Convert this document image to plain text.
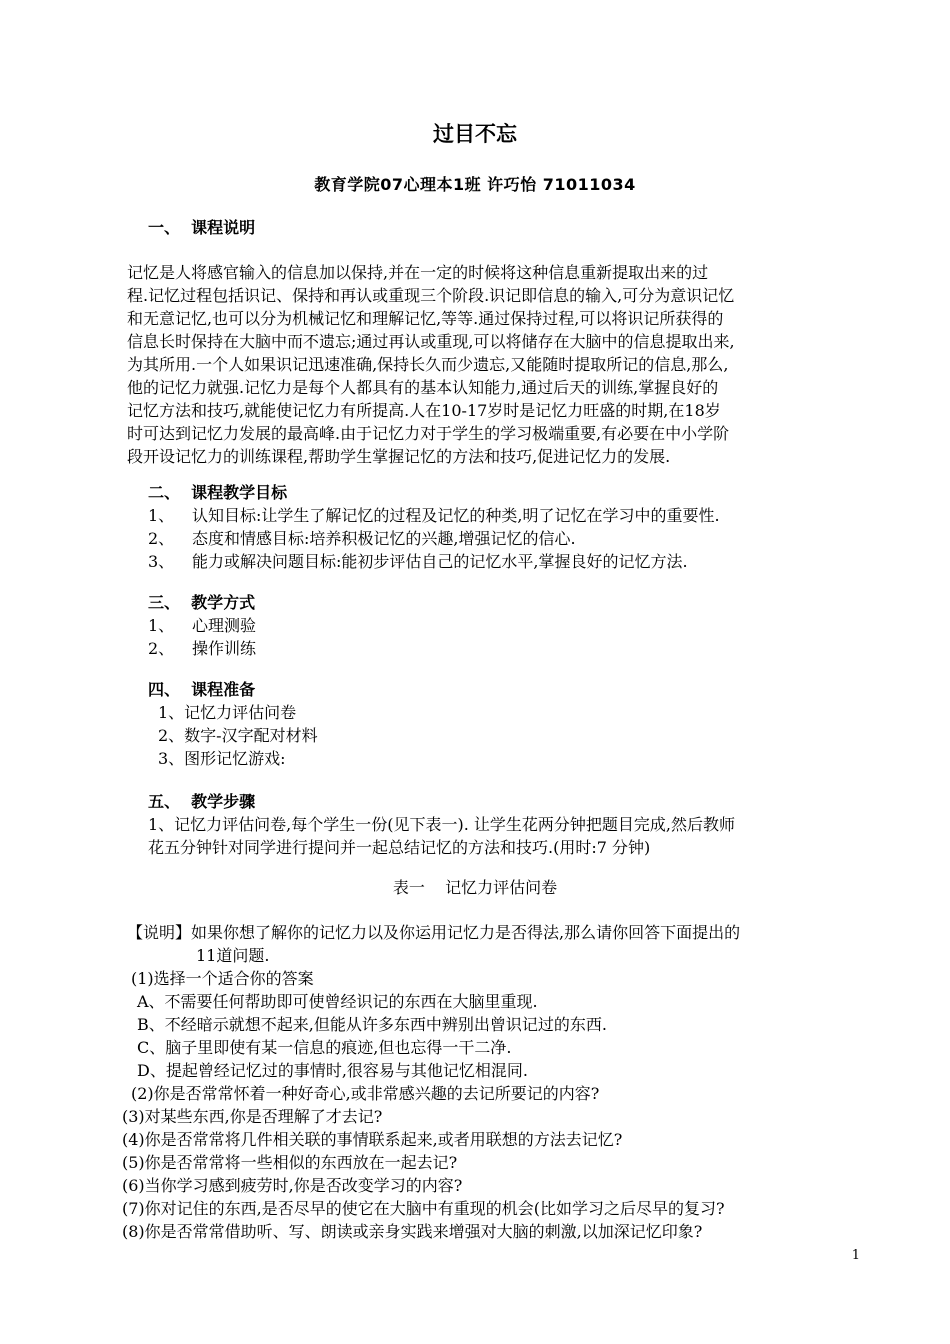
过目不忘
教育学院07心理本1班 许巧怡 71011034
一、  课程说明
记忆是人将感官输入的信息加以保持,并在一定的时候将这种信息重新提取出来的过
程.记忆过程包括识记、保持和再认或重现三个阶段.识记即信息的输入,可分为意识记忆
和无意记忆,也可以分为机械记忆和理解记忆,等等.通过保持过程,可以将识记所获得的
信息长时保持在大脑中而不遗忘;通过再认或重现,可以将储存在大脑中的信息提取出来,
为其所用.一个人如果识记迅速准确,保持长久而少遗忘,又能随时提取所记的信息,那么,
他的记忆力就强.记忆力是每个人都具有的基本认知能力,通过后天的训练,掌握良好的
记忆方法和技巧,就能使记忆力有所提高.人在10-17岁时是记忆力旺盛的时期,在18岁
时可达到记忆力发展的最高峰.由于记忆力对于学生的学习极端重要,有必要在中小学阶
段开设记忆力的训练课程,帮助学生掌握记忆的方法和技巧,促进记忆力的发展.
二、  课程教学目标
1、 认知目标:让学生了解记忆的过程及记忆的种类,明了记忆在学习中的重要性.
2、 态度和情感目标:培养积极记忆的兴趣,增强记忆的信心.
3、 能力或解决问题目标:能初步评估自己的记忆水平,掌握良好的记忆方法.
三、  教学方式
1、 心理测验
2、 操作训练
四、  课程准备
1、记忆力评估问卷
2、数字-汉字配对材料
3、图形记忆游戏:
五、  教学步骤
1、记忆力评估问卷,每个学生一份(见下表一). 让学生花两分钟把题目完成,然后教师
花五分钟针对同学进行提问并一起总结记忆的方法和技巧.(用时:7 分钟)
表一    记忆力评估问卷
【说明】如果你想了解你的记忆力以及你运用记忆力是否得法,那么请你回答下面提出的
11道问题.
(1)选择一个适合你的答案
A、不需要任何帮助即可使曾经识记的东西在大脑里重现.
B、不经暗示就想不起来,但能从许多东西中辨别出曾识记过的东西.
C、脑子里即使有某一信息的痕迹,但也忘得一干二净.
D、提起曾经记忆过的事情时,很容易与其他记忆相混同.
(2)你是否常常怀着一种好奇心,或非常感兴趣的去记所要记的内容?
(3)对某些东西,你是否理解了才去记?
(4)你是否常常将几件相关联的事情联系起来,或者用联想的方法去记忆?
(5)你是否常常将一些相似的东西放在一起去记?
(6)当你学习感到疲劳时,你是否改变学习的内容?
(7)你对记住的东西,是否尽早的使它在大脑中有重现的机会(比如学习之后尽早的复习?
(8)你是否常常借助听、写、朗读或亲身实践来增强对大脑的刺激,以加深记忆印象?
1
